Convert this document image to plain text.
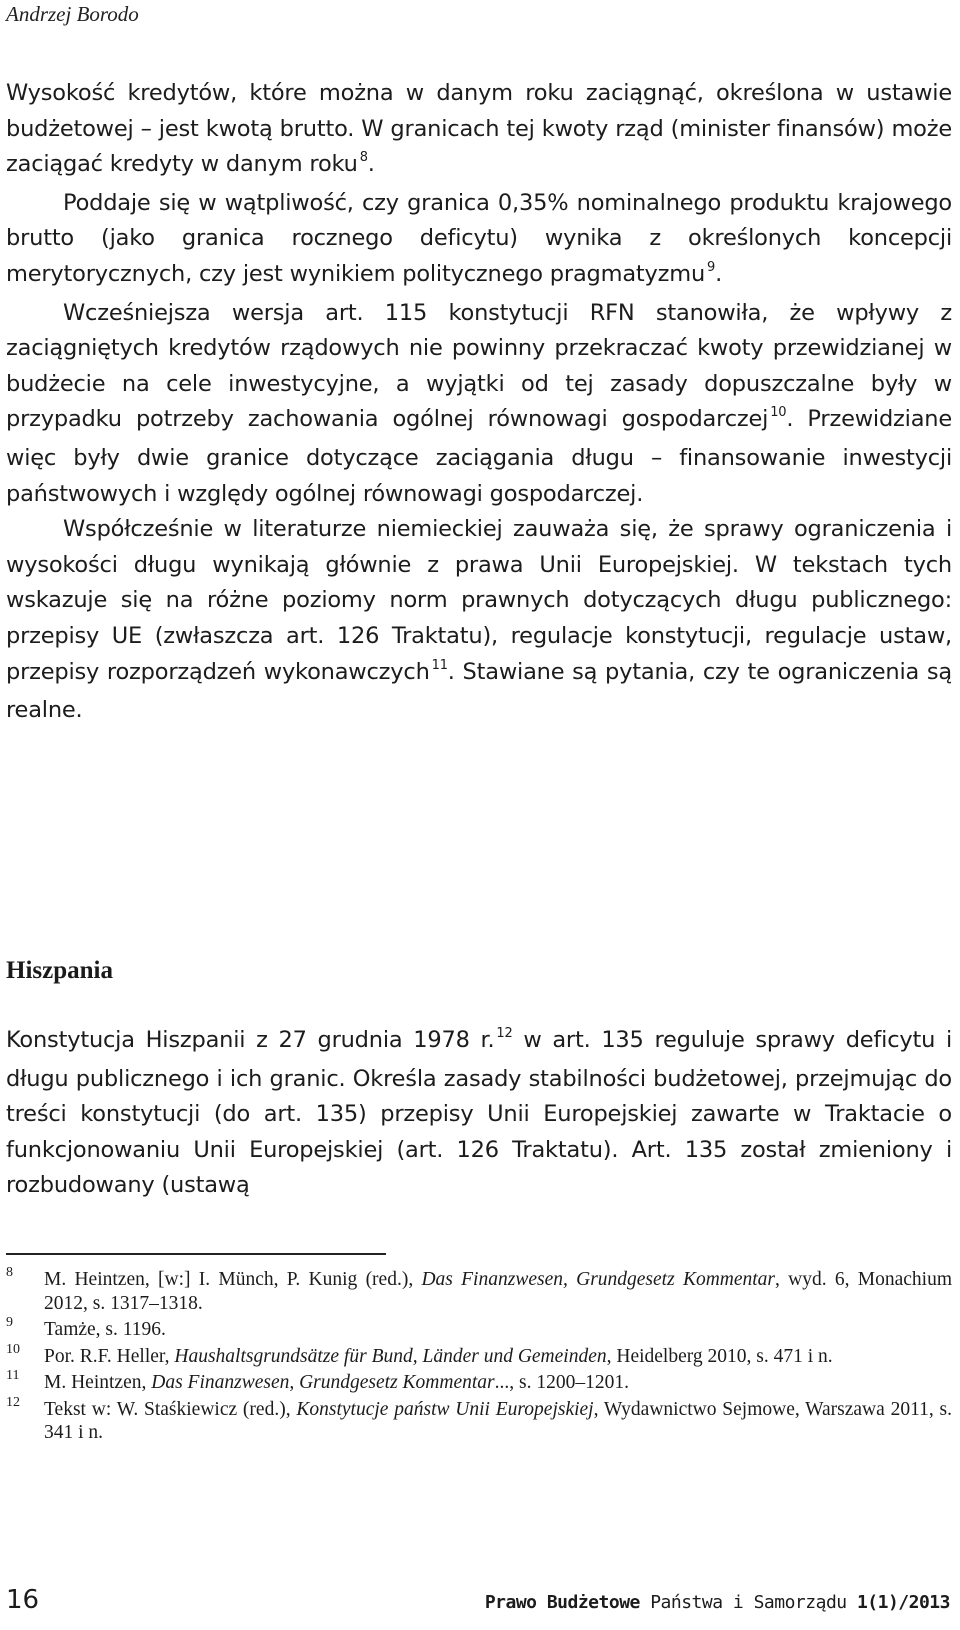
Andrzej Borodo

Wysokość kredytów, które można w danym roku zaciągnąć, określona w ustawie budżetowej – jest kwotą brutto. W granicach tej kwoty rząd (minister finansów) może zaciągać kredyty w danym roku $^8$.

Poddaje się w wątpliwość, czy granica 0,35% nominalnego produktu krajowego brutto (jako granica rocznego deficytu) wynika z określonych koncepcji merytorycznych, czy jest wynikiem politycznego pragmatyzmu $^9$.

Wcześniejsza wersja art. 115 konstytucji RFN stanowiła, że wpływy z zaciągniętych kredytów rządowych nie powinny przekraczać kwoty przewidzianej w budżecie na cele inwestycyjne, a wyjątki od tej zasady dopuszczalne były w przypadku potrzeby zachowania ogólnej równowagi gospodarczej $^{10}$. Przewidziane więc były dwie granice dotyczące zaciągania długu – finansowanie inwestycji państwowych i względy ogólnej równowagi gospodarczej.

Współcześnie w literaturze niemieckiej zauważa się, że sprawy ograniczenia i wysokości długu wynikają głównie z prawa Unii Europejskiej. W tekstach tych wskazuje się na różne poziomy norm prawnych dotyczących długu publicznego: przepisy UE (zwłaszcza art. 126 Traktatu), regulacje konstytucji, regulacje ustaw, przepisy rozporządzeń wykonawczych $^{11}$. Stawiane są pytania, czy te ograniczenia są realne.

Hiszpania

Konstytucja Hiszpanii z 27 grudnia 1978 r. $^{12}$ w art. 135 reguluje sprawy deficytu i długu publicznego i ich granic. Określa zasady stabilności budżetowej, przejmując do treści konstytucji (do art. 135) przepisy Unii Europejskiej zawarte w Traktacie o funkcjonowaniu Unii Europejskiej (art. 126 Traktatu). Art. 135 został zmieniony i rozbudowany (ustawą

8 M. Heintzen, [w:] I. Münch, P. Kunig (red.), Das Finanzwesen, Grundgesetz Kommentar, wyd. 6, Monachium 2012, s. 1317–1318.
9 Tamże, s. 1196.
10 Por. R.F. Heller, Haushaltsgrundsätze für Bund, Länder und Gemeinden, Heidelberg 2010, s. 471 i n.
11 M. Heintzen, Das Finanzwesen, Grundgesetz Kommentar..., s. 1200–1201.
12 Tekst w: W. Staśkiewicz (red.), Konstytucje państw Unii Europejskiej, Wydawnictwo Sejmowe, Warszawa 2011, s. 341 i n.
16	Prawo Budżetowe Państwa i Samorządu 1(1)/2013
